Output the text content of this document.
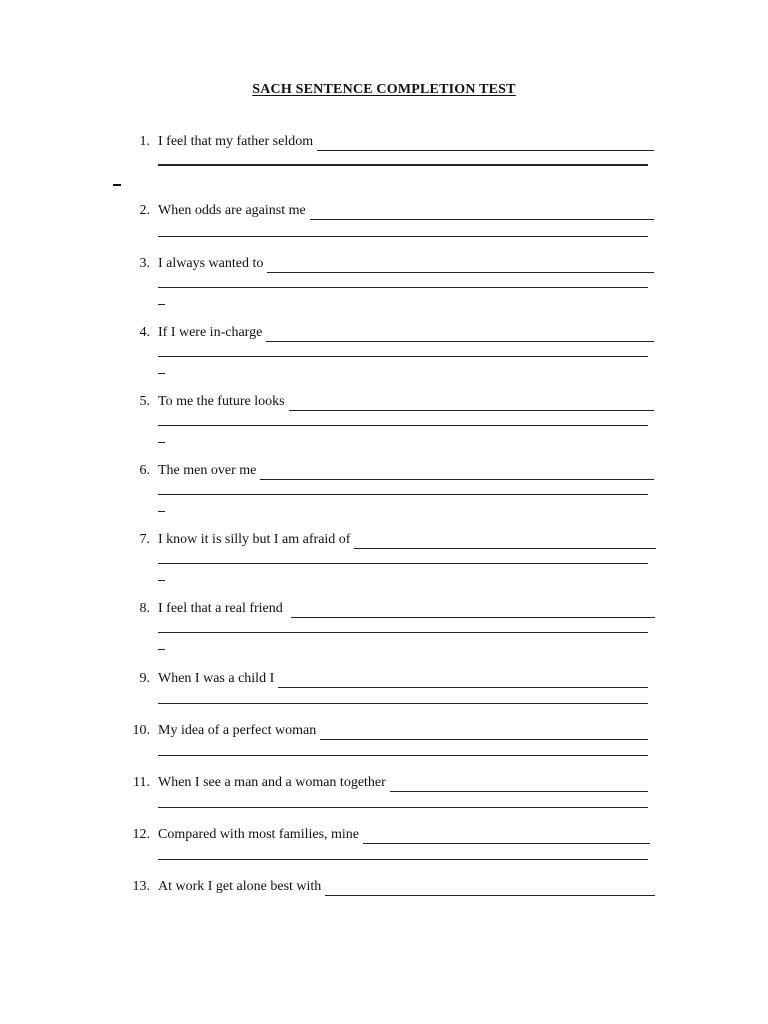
SACH SENTENCE COMPLETION TEST
1. I feel that my father seldom
2. When odds are against me
3. I always wanted to
4. If I were in-charge
5. To me the future looks
6. The men over me
7. I know it is silly but I am afraid of
8. I feel that a real friend
9. When I was a child I
10. My idea of a perfect woman
11. When I see a man and a woman together
12. Compared with most families, mine
13. At work I get alone best with
